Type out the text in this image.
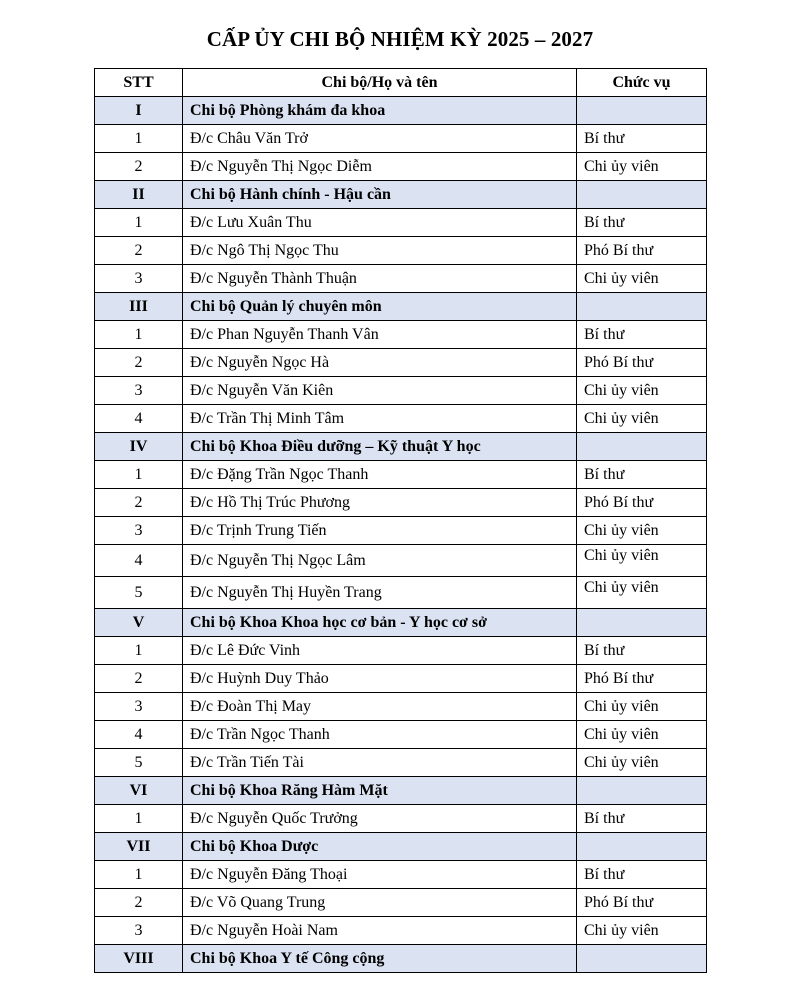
CẤP ỦY CHI BỘ NHIỆM KỲ 2025 – 2027
STT	Chi bộ/Họ và tên	Chức vụ
I	Chi bộ Phòng khám đa khoa	
1	Đ/c Châu Văn Trở	Bí thư
2	Đ/c Nguyễn Thị Ngọc Diễm	Chi ủy viên
II	Chi bộ Hành chính - Hậu cần	
1	Đ/c Lưu Xuân Thu	Bí thư
2	Đ/c Ngô Thị Ngọc Thu	Phó Bí thư
3	Đ/c Nguyễn Thành Thuận	Chi ủy viên
III	Chi bộ Quản lý chuyên môn	
1	Đ/c Phan Nguyễn Thanh Vân	Bí thư
2	Đ/c Nguyễn Ngọc Hà	Phó Bí thư
3	Đ/c Nguyễn Văn Kiên	Chi ủy viên
4	Đ/c Trần Thị Minh Tâm	Chi ủy viên
IV	Chi bộ Khoa Điều dưỡng – Kỹ thuật Y học	
1	Đ/c Đặng Trần Ngọc Thanh	Bí thư
2	Đ/c Hồ Thị Trúc Phương	Phó Bí thư
3	Đ/c Trịnh Trung Tiến	Chi ủy viên
4	Đ/c Nguyễn Thị Ngọc Lâm	Chi ủy viên
5	Đ/c Nguyễn Thị Huyền Trang	Chi ủy viên
V	Chi bộ Khoa Khoa học cơ bản - Y học cơ sở	
1	Đ/c Lê Đức Vinh	Bí thư
2	Đ/c Huỳnh Duy Thảo	Phó Bí thư
3	Đ/c Đoàn Thị May	Chi ủy viên
4	Đ/c Trần Ngọc Thanh	Chi ủy viên
5	Đ/c Trần Tiến Tài	Chi ủy viên
VI	Chi bộ Khoa Răng Hàm Mặt	
1	Đ/c Nguyễn Quốc Trưởng	Bí thư
VII	Chi bộ Khoa Dược	
1	Đ/c Nguyễn Đăng Thoại	Bí thư
2	Đ/c Võ Quang Trung	Phó Bí thư
3	Đ/c Nguyễn Hoài Nam	Chi ủy viên
VIII	Chi bộ Khoa Y tế Công cộng	
